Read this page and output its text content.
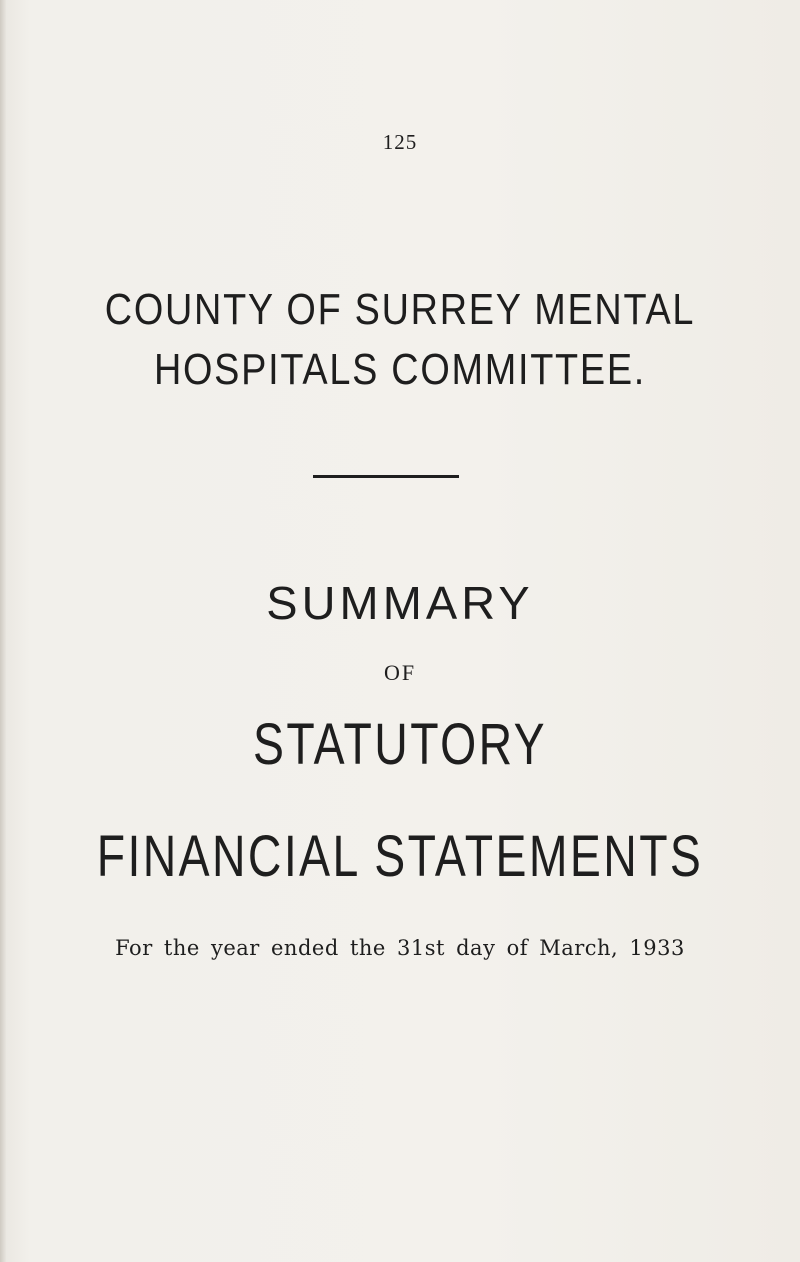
125
COUNTY OF SURREY MENTAL
HOSPITALS COMMITTEE.
SUMMARY
OF
STATUTORY
FINANCIAL STATEMENTS
For the year ended the 31st day of March, 1933
